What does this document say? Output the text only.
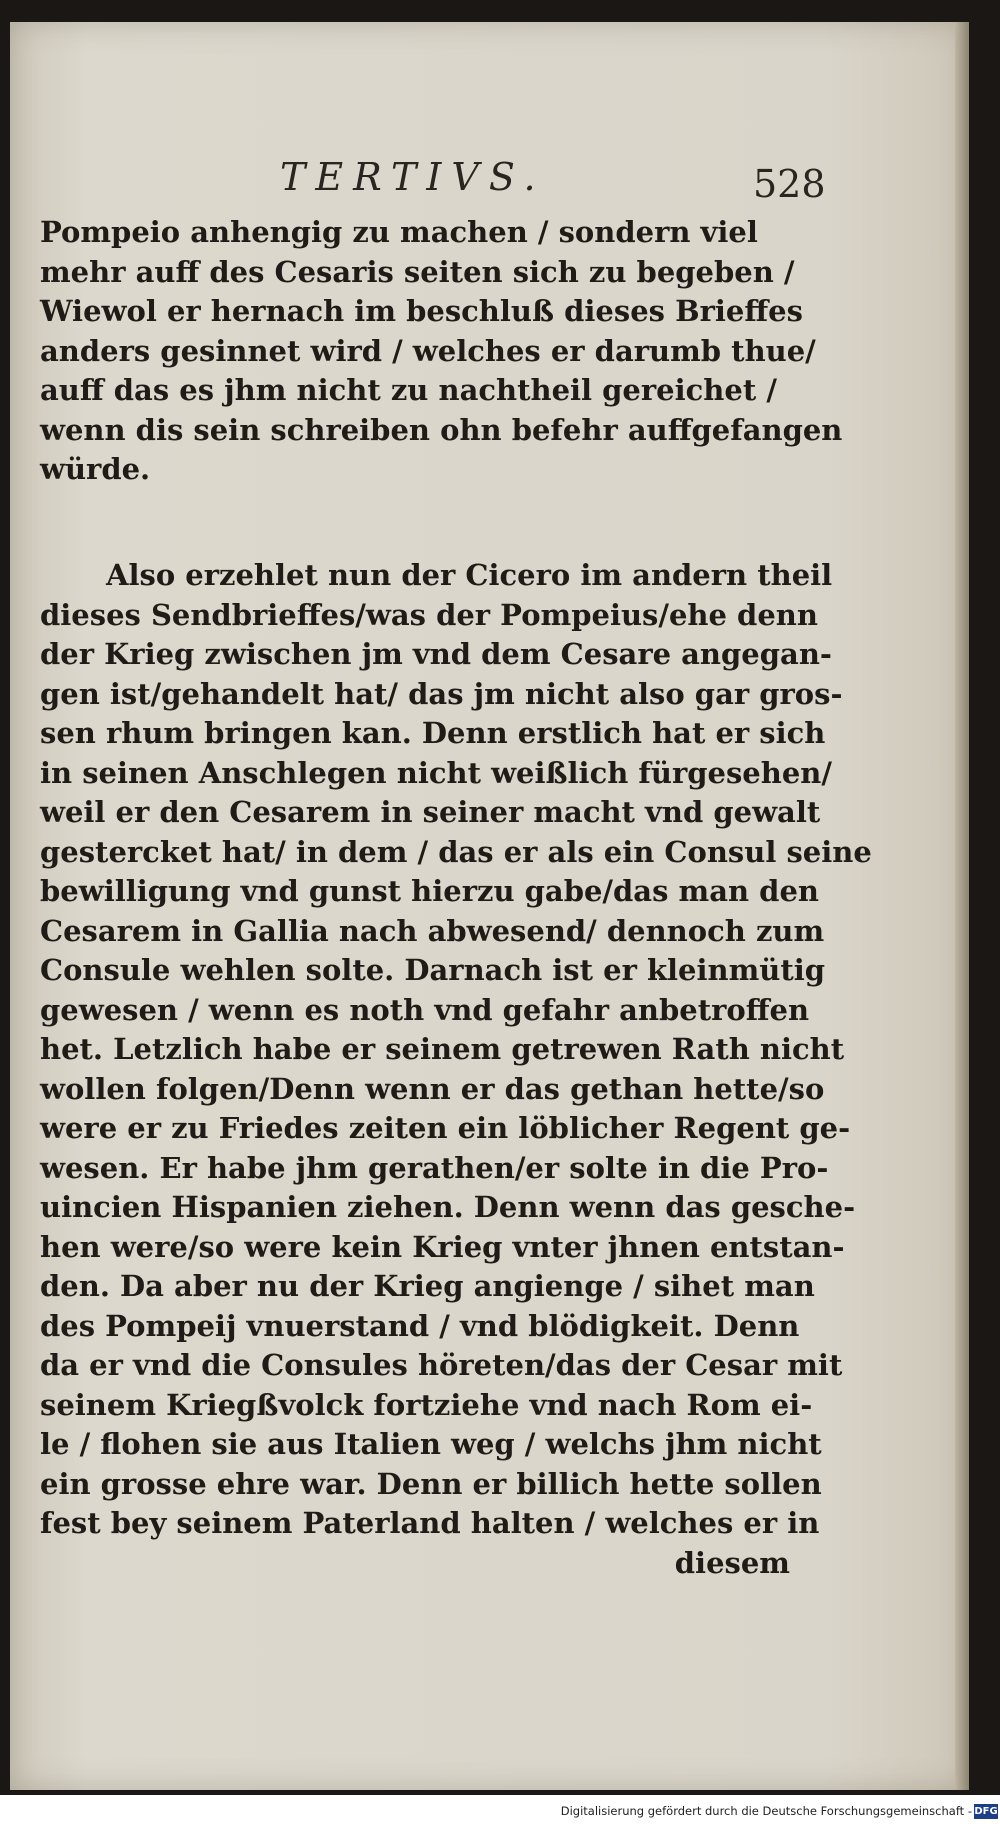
TERTIVS.	528
Pompeio anhengig zu machen / sondern viel
mehr auff des Cesaris seiten sich zu begeben /
Wiewol er hernach im beschluß dieses Brieffes
anders gesinnet wird / welches er darumb thue/
auff das es jhm nicht zu nachtheil gereichet /
wenn dis sein schreiben ohn befehr auffgefangen
würde.
Also erzehlet nun der Cicero im andern theil
dieses Sendbrieffes/was der Pompeius/ehe denn
der Krieg zwischen jm vnd dem Cesare angegan-
gen ist/gehandelt hat/ das jm nicht also gar gros-
sen rhum bringen kan. Denn erstlich hat er sich
in seinen Anschlegen nicht weißlich fürgesehen/
weil er den Cesarem in seiner macht vnd gewalt
gestercket hat/ in dem / das er als ein Consul seine
bewilligung vnd gunst hierzu gabe/das man den
Cesarem in Gallia nach abwesend/ dennoch zum
Consule wehlen solte. Darnach ist er kleinmütig
gewesen / wenn es noth vnd gefahr anbetroffen
het. Letzlich habe er seinem getrewen Rath nicht
wollen folgen/Denn wenn er das gethan hette/so
were er zu Friedes zeiten ein löblicher Regent ge-
wesen. Er habe jhm gerathen/er solte in die Pro-
uincien Hispanien ziehen. Denn wenn das gesche-
hen were/so were kein Krieg vnter jhnen entstan-
den. Da aber nu der Krieg angienge / sihet man
des Pompeij vnuerstand / vnd blödigkeit. Denn
da er vnd die Consules höreten/das der Cesar mit
seinem Kriegßvolck fortziehe vnd nach Rom ei-
le / flohen sie aus Italien weg / welchs jhm nicht
ein grosse ehre war. Denn er billich hette sollen
fest bey seinem Paterland halten / welches er in
diesem
Digitalisierung gefördert durch die Deutsche Forschungsgemeinschaft - DFG
